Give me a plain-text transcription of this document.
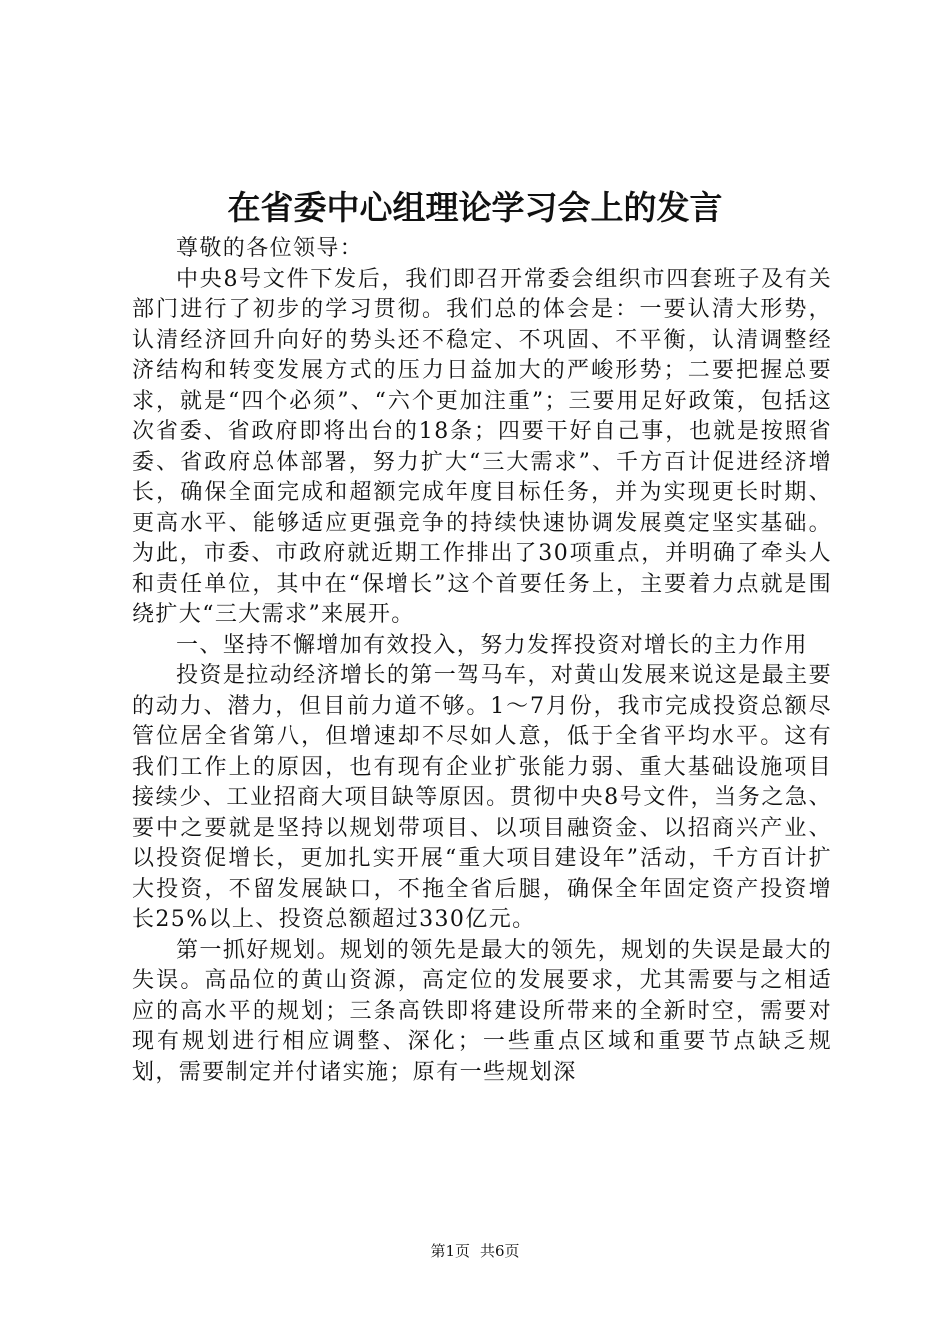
在省委中心组理论学习会上的发言

尊敬的各位领导：

中央8号文件下发后，我们即召开常委会组织市四套班子及有关部门进行了初步的学习贯彻。我们总的体会是：一要认清大形势，认清经济回升向好的势头还不稳定、不巩固、不平衡，认清调整经济结构和转变发展方式的压力日益加大的严峻形势；二要把握总要求，就是“四个必须”、“六个更加注重”；三要用足好政策，包括这次省委、省政府即将出台的18条；四要干好自己事，也就是按照省委、省政府总体部署，努力扩大“三大需求”、千方百计促进经济增长，确保全面完成和超额完成年度目标任务，并为实现更长时期、更高水平、能够适应更强竞争的持续快速协调发展奠定坚实基础。为此，市委、市政府就近期工作排出了30项重点，并明确了牵头人和责任单位，其中在“保增长”这个首要任务上，主要着力点就是围绕扩大“三大需求”来展开。

一、坚持不懈增加有效投入，努力发挥投资对增长的主力作用

投资是拉动经济增长的第一驾马车，对黄山发展来说这是最主要的动力、潜力，但目前力道不够。1～7月份，我市完成投资总额尽管位居全省第八，但增速却不尽如人意，低于全省平均水平。这有我们工作上的原因，也有现有企业扩张能力弱、重大基础设施项目接续少、工业招商大项目缺等原因。贯彻中央8号文件，当务之急、要中之要就是坚持以规划带项目、以项目融资金、以招商兴产业、以投资促增长，更加扎实开展“重大项目建设年”活动，千方百计扩大投资，不留发展缺口，不拖全省后腿，确保全年固定资产投资增长25%以上、投资总额超过330亿元。

第一抓好规划。规划的领先是最大的领先，规划的失误是最大的失误。高品位的黄山资源，高定位的发展要求，尤其需要与之相适应的高水平的规划；三条高铁即将建设所带来的全新时空，需要对现有规划进行相应调整、深化；一些重点区域和重要节点缺乏规划，需要制定并付诸实施；原有一些规划深

第1页 共6页
